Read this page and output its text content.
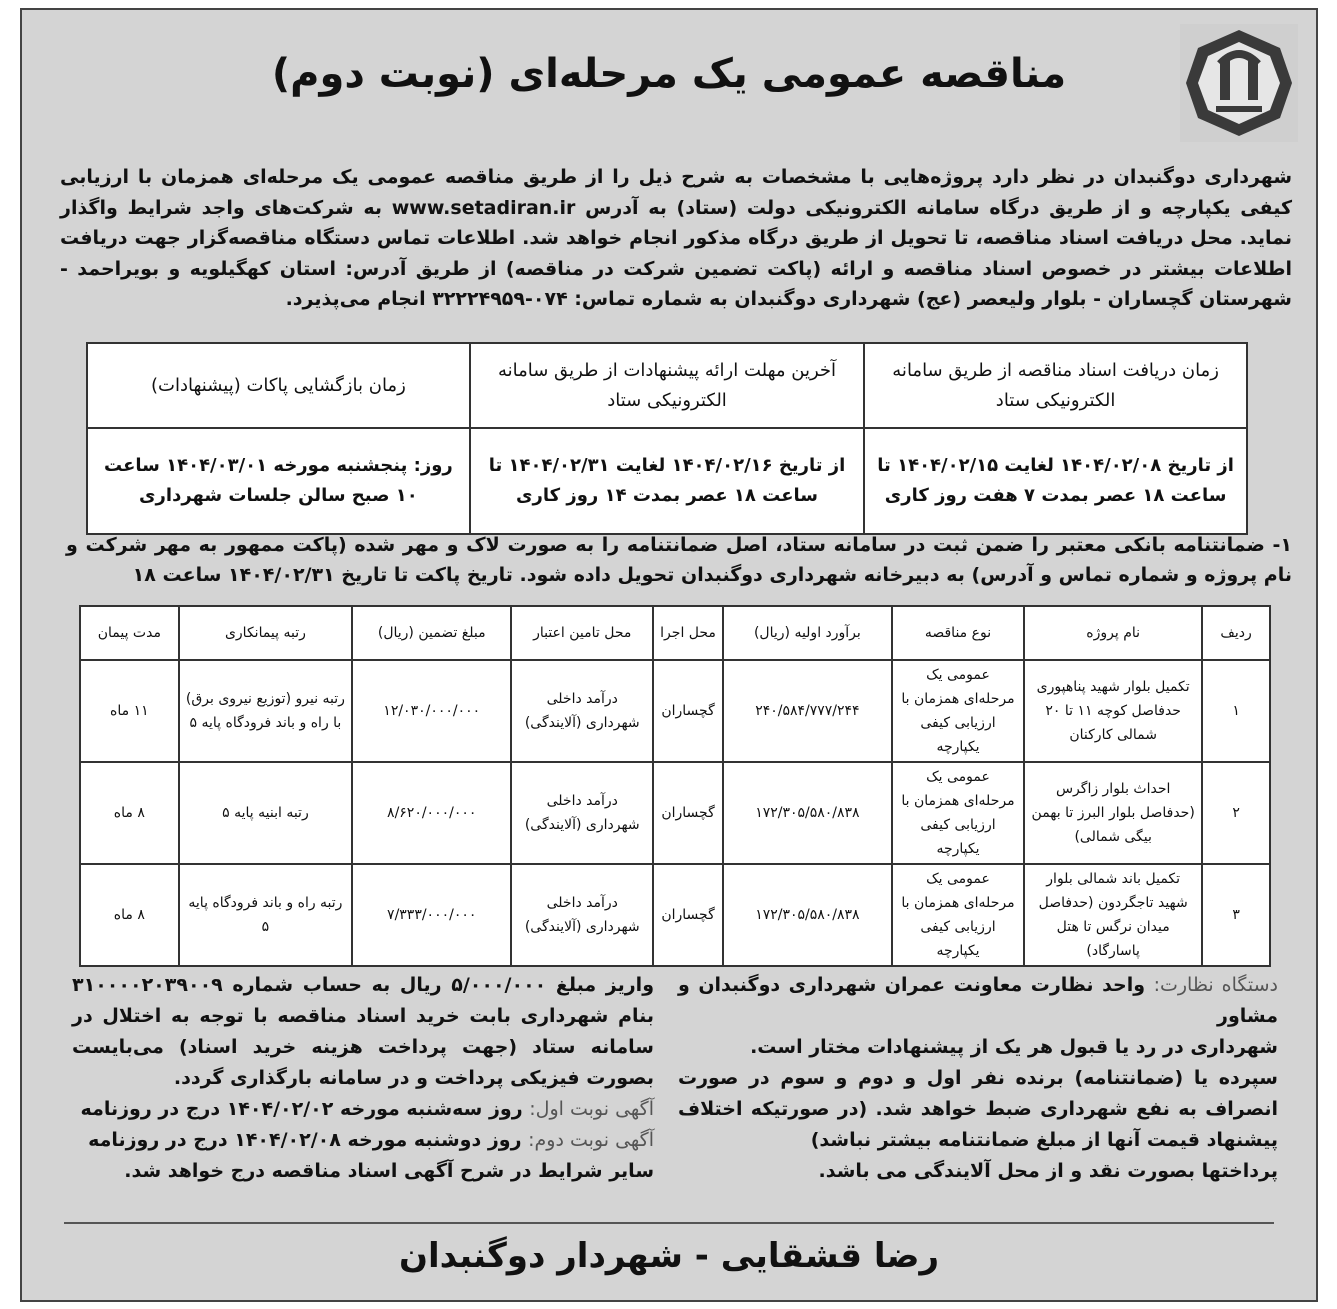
مناقصه عمومی یک مرحله‌ای (نوبت دوم)
شهرداری دوگنبدان در نظر دارد پروژه‌هایی با مشخصات به شرح ذیل را از طریق مناقصه عمومی یک مرحله‌ای همزمان با ارزیابی کیفی یکپارچه و از طریق درگاه سامانه الکترونیکی دولت (ستاد) به آدرس www.setadiran.ir به شرکت‌های واجد شرایط واگذار نماید. محل دریافت اسناد مناقصه، تا تحویل از طریق درگاه مذکور انجام خواهد شد. اطلاعات تماس دستگاه مناقصه‌گزار جهت دریافت اطلاعات بیشتر در خصوص اسناد مناقصه و ارائه (پاکت تضمین شرکت در مناقصه) از طریق آدرس: استان کهگیلویه و بویراحمد - شهرستان گچساران - بلوار ولیعصر (عج) شهرداری دوگنبدان به شماره تماس: ۰۷۴-۳۲۲۲۴۹۵۹ انجام می‌پذیرد.
زمان دریافت اسناد مناقصه از طریق سامانه الکترونیکی ستاد	آخرین مهلت ارائه پیشنهادات از طریق سامانه الکترونیکی ستاد	زمان بازگشایی پاکات (پیشنهادات)
از تاریخ ۱۴۰۴/۰۲/۰۸ لغایت ۱۴۰۴/۰۲/۱۵ تا ساعت ۱۸ عصر بمدت ۷ هفت روز کاری	از تاریخ ۱۴۰۴/۰۲/۱۶ لغایت ۱۴۰۴/۰۲/۳۱ تا ساعت ۱۸ عصر بمدت ۱۴ روز کاری	روز: پنجشنبه مورخه ۱۴۰۴/۰۳/۰۱ ساعت ۱۰ صبح سالن جلسات شهرداری
۱- ضمانتنامه بانکی معتبر را ضمن ثبت در سامانه ستاد، اصل ضمانتنامه را به صورت لاک و مهر شده (پاکت ممهور به مهر شرکت و نام پروژه و شماره تماس و آدرس) به دبیرخانه شهرداری دوگنبدان تحویل داده شود. تاریخ پاکت تا تاریخ ۱۴۰۴/۰۲/۳۱ ساعت ۱۸
ردیف	نام پروژه	نوع مناقصه	برآورد اولیه (ریال)	محل اجرا	محل تامین اعتبار	مبلغ تضمین (ریال)	رتبه پیمانکاری	مدت پیمان
۱	تکمیل بلوار شهید پناهپوری حدفاصل کوچه ۱۱ تا ۲۰ شمالی کارکنان	عمومی یک مرحله‌ای همزمان با ارزیابی کیفی یکپارچه	۲۴۰/۵۸۴/۷۷۷/۲۴۴	گچساران	درآمد داخلی شهرداری (آلایندگی)	۱۲/۰۳۰/۰۰۰/۰۰۰	رتبه نیرو (توزیع نیروی برق) با راه و باند فرودگاه پایه ۵	۱۱ ماه
۲	احداث بلوار زاگرس (حدفاصل بلوار البرز تا بهمن بیگی شمالی)	عمومی یک مرحله‌ای همزمان با ارزیابی کیفی یکپارچه	۱۷۲/۳۰۵/۵۸۰/۸۳۸	گچساران	درآمد داخلی شهرداری (آلایندگی)	۸/۶۲۰/۰۰۰/۰۰۰	رتبه ابنیه پایه ۵	۸ ماه
۳	تکمیل باند شمالی بلوار شهید تاجگردون (حدفاصل میدان نرگس تا هتل پاسارگاد)	عمومی یک مرحله‌ای همزمان با ارزیابی کیفی یکپارچه	۱۷۲/۳۰۵/۵۸۰/۸۳۸	گچساران	درآمد داخلی شهرداری (آلایندگی)	۷/۳۳۳/۰۰۰/۰۰۰	رتبه راه و باند فرودگاه پایه ۵	۸ ماه
دستگاه نظارت: واحد نظارت معاونت عمران شهرداری دوگنبدان و مشاور
شهرداری در رد یا قبول هر یک از پیشنهادات مختار است.
سپرده یا (ضمانتنامه) برنده نفر اول و دوم و سوم در صورت انصراف به نفع شهرداری ضبط خواهد شد. (در صورتیکه اختلاف پیشنهاد قیمت آنها از مبلغ ضمانتنامه بیشتر نباشد)
پرداختها بصورت نقد و از محل آلایندگی می باشد.
واریز مبلغ ۵/۰۰۰/۰۰۰ ریال به حساب شماره ۳۱۰۰۰۰۲۰۳۹۰۰۹ بنام شهرداری بابت خرید اسناد مناقصه با توجه به اختلال در سامانه ستاد (جهت پرداخت هزینه خرید اسناد) می‌بایست بصورت فیزیکی پرداخت و در سامانه بارگذاری گردد.
آگهی نوبت اول: روز سه‌شنبه مورخه ۱۴۰۴/۰۲/۰۲ درج در روزنامه
آگهی نوبت دوم: روز دوشنبه مورخه ۱۴۰۴/۰۲/۰۸ درج در روزنامه
سایر شرایط در شرح آگهی اسناد مناقصه درج خواهد شد.
رضا قشقایی - شهردار دوگنبدان
